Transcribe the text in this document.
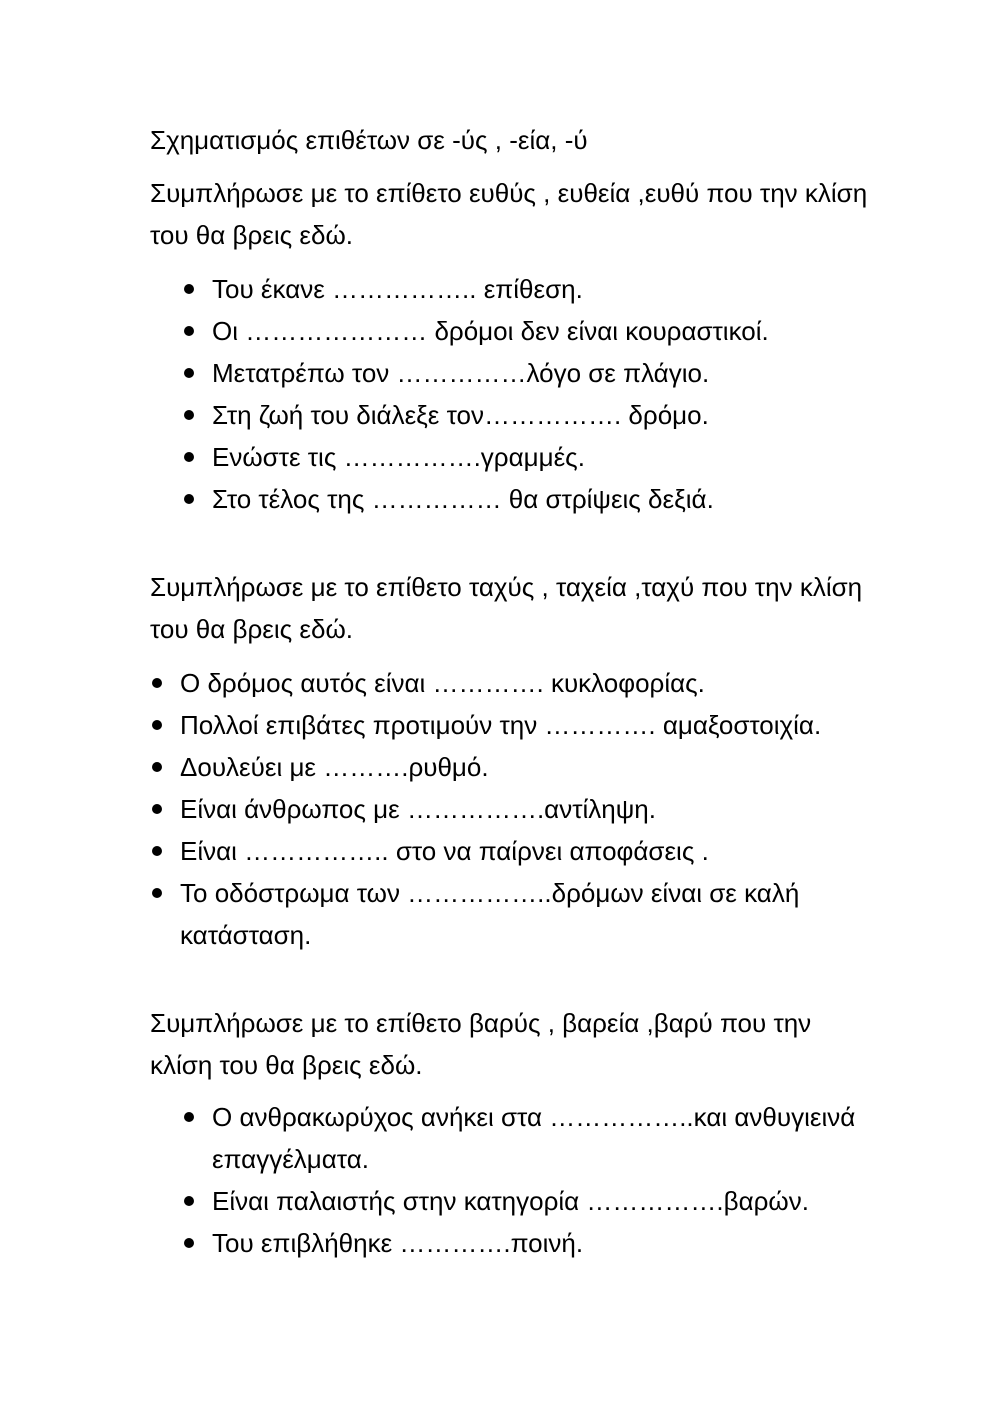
Σχηματισμός επιθέτων σε -ύς , -εία, -ύ

Συμπλήρωσε με το επίθετο ευθύς , ευθεία ,ευθύ που την κλίση του θα βρεις εδώ.

Του έκανε …………….. επίθεση.
Οι ………………… δρόμοι δεν είναι κουραστικοί.
Μετατρέπω τον ……………λόγο σε πλάγιο.
Στη ζωή του διάλεξε τον……………. δρόμο.
Ενώστε τις …………….γραμμές.
Στο τέλος της …………… θα στρίψεις δεξιά.

Συμπλήρωσε με το επίθετο ταχύς , ταχεία ,ταχύ που την κλίση του θα βρεις εδώ.

Ο δρόμος αυτός είναι …………. κυκλοφορίας.
Πολλοί επιβάτες προτιμούν την …………. αμαξοστοιχία.
Δουλεύει με ……….ρυθμό.
Είναι άνθρωπος με …………….αντίληψη.
Είναι …………….. στο να παίρνει αποφάσεις .
Το οδόστρωμα των ……………..δρόμων είναι σε καλή κατάσταση.

Συμπλήρωσε με το επίθετο βαρύς , βαρεία ,βαρύ που την κλίση του θα βρεις εδώ.

Ο ανθρακωρύχος ανήκει στα ……………..και ανθυγιεινά επαγγέλματα.
Είναι παλαιστής στην κατηγορία …………….βαρών.
Του επιβλήθηκε ………….ποινή.
